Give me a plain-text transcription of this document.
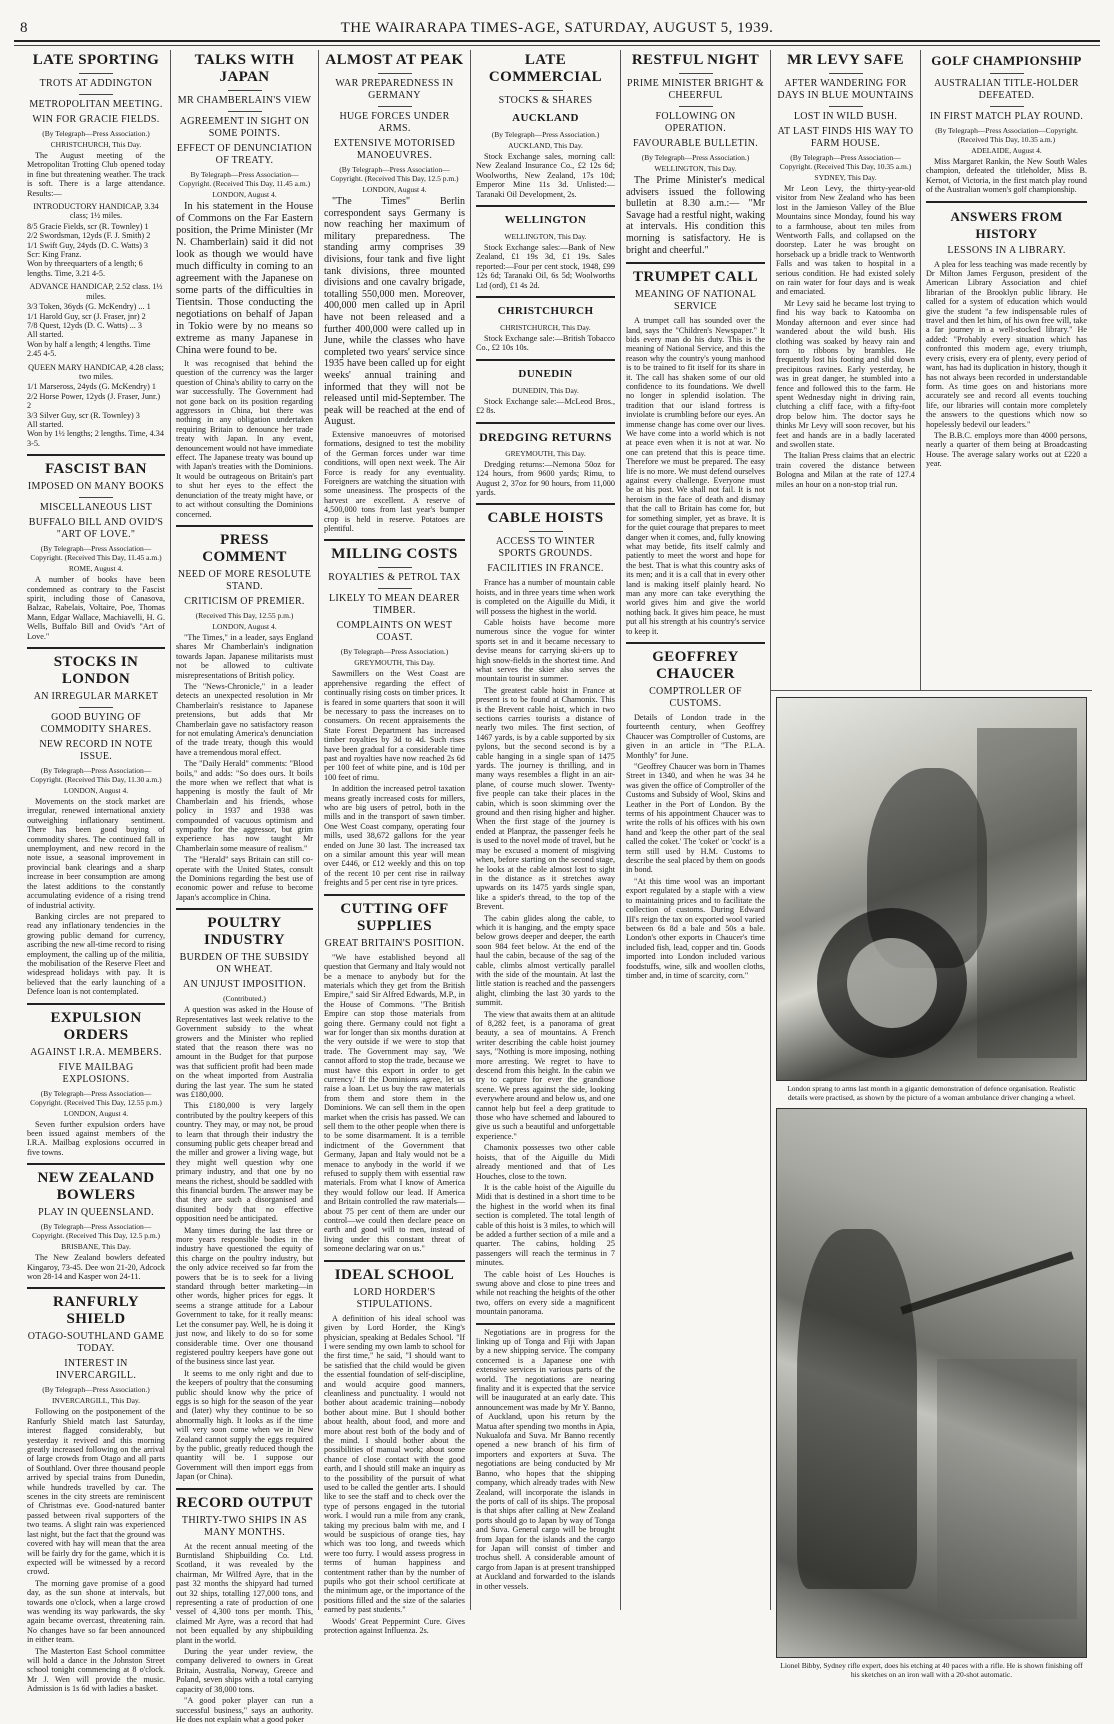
8	THE WAIRARAPA TIMES-AGE, SATURDAY, AUGUST 5, 1939.
LATE SPORTING
TROTS AT ADDINGTON
METROPOLITAN MEETING.
WIN FOR GRACIE FIELDS.
(By Telegraph—Press Association.)
CHRISTCHURCH, This Day.

The August meeting of the Metropolitan Trotting Club opened today in fine but threatening weather. The track is soft. There is a large attendance. Results:—

INTRODUCTORY HANDICAP, 3.34 class; 1½ miles.
8/5 Gracie Fields, scr (R. Townley) 1
2/2 Swordsman, 12yds (F. J. Smith) 2
1/1 Swift Guy, 24yds (D. C. Watts) 3
Scr: King Franz.
Won by threequarters of a length; 6 lengths. Time, 3.21 4-5.
ADVANCE HANDICAP, 2.52 class. 1½ miles.
3/3 Token, 36yds (G. McKendry) ... 1
1/1 Harold Guy, scr (J. Fraser, jnr) 2
7/8 Quest, 12yds (D. C. Watts) ... 3
All started.
Won by half a length; 4 lengths. Time 2.45 4-5.
QUEEN MARY HANDICAP, 4.28 class; two miles.
1/1 Marseross, 24yds (G. McKendry) 1
2/2 Horse Power, 12yds (J. Fraser, Junr.) 2
3/3 Silver Guy, scr (R. Townley) 3
All started.
Won by 1½ lengths; 2 lengths. Time, 4.34 3-5.
FASCIST BAN
IMPOSED ON MANY BOOKS
MISCELLANEOUS LIST
BUFFALO BILL AND OVID'S "ART OF LOVE."
(By Telegraph—Press Association—Copyright. (Received This Day, 11.45 a.m.)
ROME, August 4.

A number of books have been condemned as contrary to the Fascist spirit, including those of Canasova, Balzac, Rabelais, Voltaire, Poe, Thomas Mann, Edgar Wallace, Machiavelli, H. G. Wells, Buffalo Bill and Ovid's "Art of Love."

STOCKS IN LONDON
AN IRREGULAR MARKET
GOOD BUYING OF COMMODITY SHARES.
NEW RECORD IN NOTE ISSUE.
(By Telegraph—Press Association—Copyright. (Received This Day, 11.30 a.m.)
LONDON, August 4.

Movements on the stock market are irregular, renewed international anxiety outweighing inflationary sentiment. There has been good buying of commodity shares. The continued fall in unemployment, and new record in the note issue, a seasonal improvement in provincial bank clearings and a sharp increase in beer consumption are among the latest additions to the constantly accumulating evidence of a rising trend of industrial activity.

Banking circles are not prepared to read any inflationary tendencies in the growing public demand for currency, ascribing the new all-time record to rising employment, the calling up of the militia, the mobilisation of the Reserve Fleet and widespread holidays with pay. It is believed that the early launching of a Defence loan is not contemplated.

EXPULSION ORDERS
AGAINST I.R.A. MEMBERS.
FIVE MAILBAG EXPLOSIONS.
(By Telegraph—Press Association—Copyright. (Received This Day, 12.55 p.m.)
LONDON, August 4.

Seven further expulsion orders have been issued against members of the I.R.A. Mailbag explosions occurred in five towns.

NEW ZEALAND BOWLERS
PLAY IN QUEENSLAND.
(By Telegraph—Press Association—Copyright. (Received This Day, 12.5 p.m.)
BRISBANE, This Day.

The New Zealand bowlers defeated Kingaroy, 73-45. Dee won 21-20, Adcock won 28-14 and Kasper won 24-11.

RANFURLY SHIELD
OTAGO-SOUTHLAND GAME TODAY.
INTEREST IN INVERCARGILL.
(By Telegraph—Press Association.)
INVERCARGILL, This Day.

Following on the postponement of the Ranfurly Shield match last Saturday, interest flagged considerably, but yesterday it revived and this morning greatly increased following on the arrival of large crowds from Otago and all parts of Southland. Over three thousand people arrived by special trains from Dunedin, while hundreds travelled by car. The scenes in the city streets are reminiscent of Christmas eve. Good-natured banter passed between rival supporters of the two teams. A slight rain was experienced last night, but the fact that the ground was covered with hay will mean that the area will be fairly dry for the game, which it is expected will be witnessed by a record crowd.

The morning gave promise of a good day, as the sun shone at intervals, but towards one o'clock, when a large crowd was wending its way parkwards, the sky again became overcast, threatening rain. No changes have so far been announced in either team.

The Masterton East School committee will hold a dance in the Johnston Street school tonight commencing at 8 o'clock. Mr J. Wen will provide the music. Admission is 1s 6d with ladies a basket.

TALKS WITH JAPAN
MR CHAMBERLAIN'S VIEW
AGREEMENT IN SIGHT ON SOME POINTS.
EFFECT OF DENUNCIATION OF TREATY.
By Telegraph—Press Association—Copyright. (Received This Day, 11.45 a.m.)
LONDON, August 4.

In his statement in the House of Commons on the Far Eastern position, the Prime Minister (Mr N. Chamberlain) said it did not look as though we would have much difficulty in coming to an agreement with the Japanese on some parts of the difficulties in Tientsin. Those conducting the negotiations on behalf of Japan in Tokio were by no means so extreme as many Japanese in China were found to be.

It was recognised that behind the question of the currency was the larger question of China's ability to carry on the war successfully. The Government had not gone back on its position regarding aggressors in China, but there was nothing in any obligation undertaken requiring Britain to denounce her trade treaty with Japan. In any event, denouncement would not have immediate effect. The Japanese treaty was bound up with Japan's treaties with the Dominions. It would be outrageous on Britain's part to shut her eyes to the effect the denunciation of the treaty might have, or to act without consulting the Dominions concerned.

PRESS COMMENT
NEED OF MORE RESOLUTE STAND.
CRITICISM OF PREMIER.
(Received This Day, 12.55 p.m.)
LONDON, August 4.

"The Times," in a leader, says England shares Mr Chamberlain's indignation towards Japan. Japanese militarists must not be allowed to cultivate misrepresentations of British policy.

The "News-Chronicle," in a leader detects an unexpected resolution in Mr Chamberlain's resistance to Japanese pretensions, but adds that Mr Chamberlain gave no satisfactory reason for not emulating America's denunciation of the trade treaty, though this would have a tremendous moral effect.

The "Daily Herald" comments: "Blood boils," and adds: "So does ours. It boils the more when we reflect that what is happening is mostly the fault of Mr Chamberlain and his friends, whose policy in 1937 and 1938 was compounded of vacuous optimism and sympathy for the aggressor, but grim experience has now taught Mr Chamberlain some measure of realism."

The "Herald" says Britain can still co-operate with the United States, consult the Dominions regarding the best use of economic power and refuse to become Japan's accomplice in China.

POULTRY INDUSTRY
BURDEN OF THE SUBSIDY ON WHEAT.
AN UNJUST IMPOSITION.
(Contributed.)

A question was asked in the House of Representatives last week relative to the Government subsidy to the wheat growers and the Minister who replied stated that the reason there was no amount in the Budget for that purpose was that sufficient profit had been made on the wheat imported from Australia during the last year. The sum he stated was £180,000.

This £180,000 is very largely contributed by the poultry keepers of this country. They may, or may not, be proud to learn that through their industry the consuming public gets cheaper bread and the miller and grower a living wage, but they might well question why one primary industry, and that one by no means the richest, should be saddled with this financial burden. The answer may be that they are such a disorganised and disunited body that no effective opposition need be anticipated.

Many times during the last three or more years responsible bodies in the industry have questioned the equity of this charge on the poultry industry, but the only advice received so far from the powers that be is to seek for a living standard through better marketing—in other words, higher prices for eggs. It seems a strange attitude for a Labour Government to take, for it really means: Let the consumer pay. Well, he is doing it just now, and likely to do so for some considerable time. Over one thousand registered poultry keepers have gone out of the business since last year.

It seems to me only right and due to the keepers of poultry that the consuming public should know why the price of eggs is so high for the season of the year and (later) why they continue to be so abnormally high. It looks as if the time will very soon come when we in New Zealand cannot supply the eggs required by the public, greatly reduced though the quantity will be. I suppose our Government will then import eggs from Japan (or China).

RECORD OUTPUT
THIRTY-TWO SHIPS IN AS MANY MONTHS.

At the recent annual meeting of the Burntisland Shipbuilding Co. Ltd. Scotland, it was revealed by the chairman, Mr Wilfred Ayre, that in the past 32 months the shipyard had turned out 32 ships, totalling 127,000 tons, and representing a rate of production of one vessel of 4,300 tons per month. This, claimed Mr Ayre, was a record that had not been equalled by any shipbuilding plant in the world.

During the year under review, the company delivered to owners in Great Britain, Australia, Norway, Greece and Poland, seven ships with a total carrying capacity of 38,000 tons.

"A good poker player can run a successful business," says an authority. He does not explain what a good poker

ALMOST AT PEAK
WAR PREPAREDNESS IN GERMANY
HUGE FORCES UNDER ARMS.
EXTENSIVE MOTORISED MANOEUVRES.
(By Telegraph—Press Association—Copyright. (Received This Day, 12.5 p.m.)
LONDON, August 4.

"The Times" Berlin correspondent says Germany is now reaching her maximum of military preparedness. The standing army comprises 39 divisions, four tank and five light tank divisions, three mounted divisions and one cavalry brigade, totalling 550,000 men. Moreover, 400,000 men called up in April have not been released and a further 400,000 were called up in June, while the classes who have completed two years' service since 1935 have been called up for eight weeks' annual training and informed that they will not be released until mid-September. The peak will be reached at the end of August.

Extensive manoeuvres of motorised formations, designed to test the mobility of the German forces under war time conditions, will open next week. The Air Force is ready for any eventuality. Foreigners are watching the situation with some uneasiness. The prospects of the harvest are excellent. A reserve of 4,500,000 tons from last year's bumper crop is held in reserve. Potatoes are plentiful.

MILLING COSTS
ROYALTIES & PETROL TAX
LIKELY TO MEAN DEARER TIMBER.
COMPLAINTS ON WEST COAST.
(By Telegraph—Press Association.)
GREYMOUTH, This Day.

Sawmillers on the West Coast are apprehensive regarding the effect of continually rising costs on timber prices. It is feared in some quarters that soon it will be necessary to pass the increases on to consumers. On recent appraisements the State Forest Department has increased timber royalties by 3d to 4d. Such rises have been gradual for a considerable time past and royalties have now reached 2s 6d per 100 feet of white pine, and is 10d per 100 feet of rimu.

In addition the increased petrol taxation means greatly increased costs for millers, who are big users of petrol, both in the mills and in the transport of sawn timber. One West Coast company, operating four mills, used 38,672 gallons for the year ended on June 30 last. The increased tax on a similar amount this year will mean over £446, or £12 weekly and this on top of the recent 10 per cent rise in railway freights and 5 per cent rise in tyre prices.

CUTTING OFF SUPPLIES
GREAT BRITAIN'S POSITION.

"We have established beyond all question that Germany and Italy would not be a menace to anybody but for the materials which they get from the British Empire," said Sir Alfred Edwards, M.P., in the House of Commons. "The British Empire can stop those materials from going there. Germany could not fight a war for longer than six months duration at the very outside if we were to stop that trade. The Government may say, 'We cannot afford to stop the trade, because we must have this export in order to get currency.' If the Dominions agree, let us raise a loan. Let us buy the raw materials from them and store them in the Dominions. We can sell them in the open market when the crisis has passed. We can sell them to the other people when there is to be some disarmament. It is a terrible indictment of the Government that Germany, Japan and Italy would not be a menace to anybody in the world if we refused to supply them with essential raw materials. From what I know of America they would follow our lead. If America and Britain controlled the raw materials—about 75 per cent of them are under our control—we could then declare peace on earth and good will to men, instead of living under this constant threat of someone declaring war on us."

IDEAL SCHOOL
LORD HORDER'S STIPULATIONS.

A definition of his ideal school was given by Lord Horder, the King's physician, speaking at Bedales School. "If I were sending my own lamb to school for the first time," he said, "I should want to be satisfied that the child would be given the essential foundation of self-discipline, and would acquire good manners, cleanliness and punctuality. I would not bother about academic training—nobody bother about mine. But I should bother about health, about food, and more and more about rest both of the body and of the mind. I should bother about the possibilities of manual work; about some chance of close contact with the good earth, and I should still make an inquiry as to the possibility of the pursuit of what used to be called the gentler arts. I should like to see the staff and to check over the type of persons engaged in the tutorial work. I would run a mile from any crank, taking my precious balm with me, and I would be suspicious of orange ties, hay which was too long, and tweeds which were too furry. I would assess progress in terms of human happiness and contentment rather than by the number of pupils who got their school certificate at the minimum age, or the importance of the positions filled and the size of the salaries earned by past students."

Woods' Great Peppermint Cure. Gives protection against Influenza. 2s.

LATE COMMERCIAL
STOCKS & SHARES
AUCKLAND
(By Telegraph—Press Association.)
AUCKLAND, This Day.

Stock Exchange sales, morning call: New Zealand Insurance Co., £2 12s 6d; Woolworths, New Zealand, 17s 10d; Emperor Mine 11s 3d. Unlisted:—Taranaki Oil Development, 2s.

WELLINGTON
WELLINGTON, This Day.

Stock Exchange sales:—Bank of New Zealand, £1 19s 3d, £1 19s. Sales reported:—Four per cent stock, 1948, £99 12s 6d; Taranaki Oil, 6s 5d; Woolworths Ltd (ord), £1 4s 2d.

CHRISTCHURCH
CHRISTCHURCH, This Day.

Stock Exchange sale:—British Tobacco Co., £2 10s 10s.

DUNEDIN
DUNEDIN, This Day.

Stock Exchange sale:—McLeod Bros., £2 8s.

DREDGING RETURNS
GREYMOUTH, This Day.

Dredging returns:—Nemona 50oz for 124 hours, from 9600 yards; Rimu, to August 2, 37oz for 90 hours, from 11,000 yards.

CABLE HOISTS
ACCESS TO WINTER SPORTS GROUNDS.
FACILITIES IN FRANCE.

France has a number of mountain cable hoists, and in three years time when work is completed on the Aiguille du Midi, it will possess the highest in the world.

Cable hoists have become more numerous since the vogue for winter sports set in and it became necessary to devise means for carrying ski-ers up to high snow-fields in the shortest time. And what serves the skier also serves the mountain tourist in summer.

The greatest cable hoist in France at present is to be found at Chamonix. This is the Brevent cable hoist, which in two sections carries tourists a distance of nearly two miles. The first section, of 1467 yards, is by a cable supported by six pylons, but the second second is by a cable hanging in a single span of 1475 yards. The journey is thrilling, and in many ways resembles a flight in an air-plane, of course much slower. Twenty-five people can take their places in the cabin, which is soon skimming over the ground and then rising higher and higher. When the first stage of the journey is ended at Planpraz, the passenger feels he is used to the novel mode of travel, but he may be excused a moment of misgiving when, before starting on the second stage, he looks at the cable almost lost to sight in the distance as it stretches away upwards on its 1475 yards single span, like a spider's thread, to the top of the Brevent.

The cabin glides along the cable, to which it is hanging, and the empty space below grows deeper and deeper, the earth soon 984 feet below. At the end of the haul the cabin, because of the sag of the cable, climbs almost vertically parallel with the side of the mountain. At last the little station is reached and the passengers alight, climbing the last 30 yards to the summit.

The view that awaits them at an altitude of 8,282 feet, is a panorama of great beauty, a sea of mountains. A French writer describing the cable hoist journey says, "Nothing is more imposing, nothing more arresting. We regret to have to descend from this height. In the cabin we try to capture for ever the grandiose scene. We press against the side, looking everywhere around and below us, and one cannot help but feel a deep gratitude to those who have schemed and laboured to give us such a beautiful and unforgettable experience."

Chamonix possesses two other cable hoists, that of the Aiguille du Midi already mentioned and that of Les Houches, close to the town.

It is the cable hoist of the Aiguille du Midi that is destined in a short time to be the highest in the world when its final section is completed. The total length of cable of this hoist is 3 miles, to which will be added a further section of a mile and a quarter. The cabins, holding 25 passengers will reach the terminus in 7 minutes.

The cable hoist of Les Houches is swung above and close to pine trees and while not reaching the heights of the other two, offers on every side a magnificent mountain panorama.

Negotiations are in progress for the linking up of Tonga and Fiji with Japan by a new shipping service. The company concerned is a Japanese one with extensive services in various parts of the world. The negotiations are nearing finality and it is expected that the service will be inaugurated at an early date. This announcement was made by Mr Y. Banno, of Auckland, upon his return by the Matua after spending two months in Apia, Nukualofa and Suva. Mr Banno recently opened a new branch of his firm of importers and exporters at Suva. The negotiations are being conducted by Mr Banno, who hopes that the shipping company, which already trades with New Zealand, will incorporate the islands in the ports of call of its ships. The proposal is that ships after calling at New Zealand ports should go to Japan by way of Tonga and Suva. General cargo will be brought from Japan for the islands and the cargo for Japan will consist of timber and trochus shell. A considerable amount of cargo from Japan is at present transhipped at Auckland and forwarded to the islands in other vessels.

RESTFUL NIGHT
PRIME MINISTER BRIGHT & CHEERFUL
FOLLOWING ON OPERATION.
FAVOURABLE BULLETIN.
(By Telegraph—Press Association.)
WELLINGTON, This Day.

The Prime Minister's medical advisers issued the following bulletin at 8.30 a.m.:— "Mr Savage had a restful night, waking at intervals. His condition this morning is satisfactory. He is bright and cheerful."

TRUMPET CALL
MEANING OF NATIONAL SERVICE

A trumpet call has sounded over the land, says the "Children's Newspaper." It bids every man do his duty. This is the meaning of National Service, and this the reason why the country's young manhood is to be trained to fit itself for its share in it. The call has shaken some of our old confidence to its foundations. We dwell no longer in splendid isolation. The tradition that our island fortress is inviolate is crumbling before our eyes. An immense change has come over our lives. We have come into a world which is not at peace even when it is not at war. No one can pretend that this is peace time. Therefore we must be prepared. The easy life is no more. We must defend ourselves against every challenge. Everyone must be at his post. We shall not fail. It is not heroism in the face of death and dismay that the call to Britain has come for, but for something simpler, yet as brave. It is for the quiet courage that prepares to meet danger when it comes, and, fully knowing what may betide, fits itself calmly and patiently to meet the worst and hope for the best. That is what this country asks of its men; and it is a call that in every other land is making itself plainly heard. No man any more can take everything the world gives him and give the world nothing back. It gives him peace, he must put all his strength at his country's service to keep it.

GEOFFREY CHAUCER
COMPTROLLER OF CUSTOMS.

Details of London trade in the fourteenth century, when Geoffrey Chaucer was Comptroller of Customs, are given in an article in "The P.L.A. Monthly" for June.

"Geoffrey Chaucer was born in Thames Street in 1340, and when he was 34 he was given the office of Comptroller of the Customs and Subsidy of Wool, Skins and Leather in the Port of London. By the terms of his appointment Chaucer was to write the rolls of his offices with his own hand and 'keep the other part of the seal called the coket.' The 'coket' or 'cockt' is a term still used by H.M. Customs to describe the seal placed by them on goods in bond.

"At this time wool was an important export regulated by a staple with a view to maintaining prices and to facilitate the collection of customs. During Edward III's reign the tax on exported wool varied between 6s 8d a bale and 50s a bale. London's other exports in Chaucer's time included fish, lead, copper and tin. Goods imported into London included various foodstuffs, wine, silk and woollen cloths, timber and, in time of scarcity, corn."

MR LEVY SAFE
AFTER WANDERING FOR DAYS IN BLUE MOUNTAINS
LOST IN WILD BUSH.
AT LAST FINDS HIS WAY TO FARM HOUSE.
(By Telegraph—Press Association—Copyright. (Received This Day, 10.35 a.m.)
SYDNEY, This Day.

Mr Leon Levy, the thirty-year-old visitor from New Zealand who has been lost in the Jamieson Valley of the Blue Mountains since Monday, found his way to a farmhouse, about ten miles from Wentworth Falls, and collapsed on the doorstep. Later he was brought on horseback up a bridle track to Wentworth Falls and was taken to hospital in a serious condition. He had existed solely on rain water for four days and is weak and emaciated.

Mr Levy said he became lost trying to find his way back to Katoomba on Monday afternoon and ever since had wandered about the wild bush. His clothing was soaked by heavy rain and torn to ribbons by brambles. He frequently lost his footing and slid down precipitous ravines. Early yesterday, he was in great danger, he stumbled into a fence and followed this to the farm. He spent Wednesday night in driving rain, clutching a cliff face, with a fifty-foot drop below him. The doctor says he thinks Mr Levy will soon recover, but his feet and hands are in a badly lacerated and swollen state.

The Italian Press claims that an electric train covered the distance between Bologna and Milan at the rate of 127.4 miles an hour on a non-stop trial run.

GOLF CHAMPIONSHIP
AUSTRALIAN TITLE-HOLDER DEFEATED.
IN FIRST MATCH PLAY ROUND.
(By Telegraph—Press Association—Copyright. (Received This Day, 10.35 a.m.)
ADELAIDE, August 4.

Miss Margaret Rankin, the New South Wales champion, defeated the titleholder, Miss B. Kernot, of Victoria, in the first match play round of the Australian women's golf championship.

ANSWERS FROM HISTORY
LESSONS IN A LIBRARY.

A plea for less teaching was made recently by Dr Milton James Ferguson, president of the American Library Association and chief librarian of the Brooklyn public library. He called for a system of education which would give the student "a few indispensable rules of travel and then let him, of his own free will, take a far journey in a well-stocked library." He added: "Probably every situation which has confronted this modern age, every triumph, every crisis, every era of plenty, every period of want, has had its duplication in history, though it has not always been recorded in understandable form. As time goes on and historians more accurately see and record all events touching life, our libraries will contain more completely the answers to the questions which now so hopelessly bedevil our leaders."

The B.B.C. employs more than 4000 persons, nearly a quarter of them being at Broadcasting House. The average salary works out at £220 a year.

London sprang to arms last month in a gigantic demonstration of defence organisation. Realistic details were practised, as shown by the picture of a woman ambulance driver changing a wheel.
Lionel Bibby, Sydney rifle expert, does his etching at 40 paces with a rifle. He is shown finishing off his sketches on an iron wall with a 20-shot automatic.
